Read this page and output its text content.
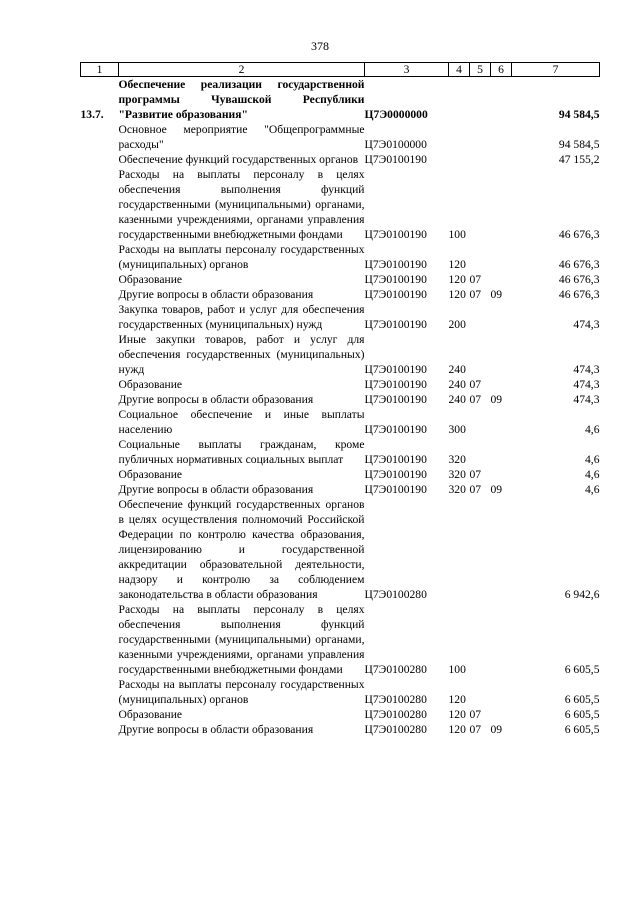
378
1	2	3	4	5	6	7
13.7.	Обеспечение реализации государственной программы Чувашской Республики "Развитие образования"	Ц7Э0000000				94 584,5
	Основное мероприятие "Общепрограммные расходы"	Ц7Э0100000				94 584,5
	Обеспечение функций государственных органов	Ц7Э0100190				47 155,2
	Расходы на выплаты персоналу в целях обеспечения выполнения функций государственными (муниципальными) органами, казенными учреждениями, органами управления государственными внебюджетными фондами	Ц7Э0100190	100			46 676,3
	Расходы на выплаты персоналу государственных (муниципальных) органов	Ц7Э0100190	120			46 676,3
	Образование	Ц7Э0100190	120	07		46 676,3
	Другие вопросы в области образования	Ц7Э0100190	120	07	09	46 676,3
	Закупка товаров, работ и услуг для обеспечения государственных (муниципальных) нужд	Ц7Э0100190	200			474,3
	Иные закупки товаров, работ и услуг для обеспечения государственных (муниципальных) нужд	Ц7Э0100190	240			474,3
	Образование	Ц7Э0100190	240	07		474,3
	Другие вопросы в области образования	Ц7Э0100190	240	07	09	474,3
	Социальное обеспечение и иные выплаты населению	Ц7Э0100190	300			4,6
	Социальные выплаты гражданам, кроме публичных нормативных социальных выплат	Ц7Э0100190	320			4,6
	Образование	Ц7Э0100190	320	07		4,6
	Другие вопросы в области образования	Ц7Э0100190	320	07	09	4,6
	Обеспечение функций государственных органов в целях осуществления полномочий Российской Федерации по контролю качества образования, лицензированию и государственной аккредитации образовательной деятельности, надзору и контролю за соблюдением законодательства в области образования	Ц7Э0100280				6 942,6
	Расходы на выплаты персоналу в целях обеспечения выполнения функций государственными (муниципальными) органами, казенными учреждениями, органами управления государственными внебюджетными фондами	Ц7Э0100280	100			6 605,5
	Расходы на выплаты персоналу государственных (муниципальных) органов	Ц7Э0100280	120			6 605,5
	Образование	Ц7Э0100280	120	07		6 605,5
	Другие вопросы в области образования	Ц7Э0100280	120	07	09	6 605,5
